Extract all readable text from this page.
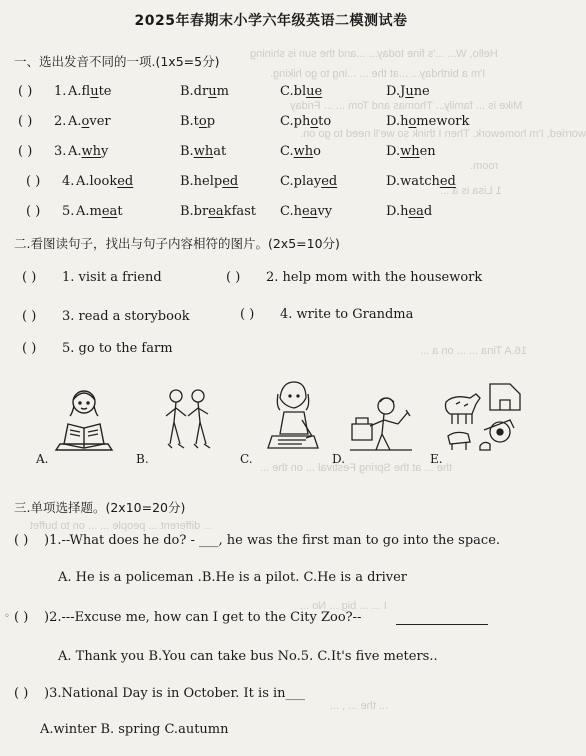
Hello, W... ...'s fine today... ...and the sun is shining
I'm a birthday... ...at the ... ...ing to go hiking.
Mike is ... family... Thomas and Tom ... ... Friday
worried, I'm homework. Then I think so we'll need to go on.
1 Lisa is a ...
room.
16.A Tina ... ... on a ...
the ... at the Spring Festival ... on the ...
... different ... people ... ... on to buffet
I ... ... big ... No ...
... the ... , ...
2025年春期末小学六年级英语二模测试卷
一、选出发音不同的一项.(1x5=5分)
( ) 1. A.flute	B.drum	C.blue	D.June
( ) 2. A.over	B.top	C.photo	D.homework
( ) 3. A.why	B.what	C.who	D.when
( ) 4. A.looked	B.helped	C.played	D.watched
( ) 5. A.meat	B.breakfast C.heavy	D.head
二.看图读句子，找出与句子内容相符的图片。(2x5=10分)
( ) 1. visit a friend	( ) 2. help mom with the housework
( ) 3. read a storybook	( ) 4. write to Grandma
( ) 5. go to the farm
A.	B.	C.	D.	E.
三.单项选择题。(2x10=20分)
( ) )1.--What does he do? - ___, he was the first man to go into the space.
A. He is a policeman .B.He is a pilot. C.He is a driver
◦ ( ) )2.---Excuse me, how can I get to the City Zoo?--
A. Thank you B.You can take bus No.5. C.It's five meters..
( ) )3.National Day is in October. It is in___
A.winter B. spring C.autumn
